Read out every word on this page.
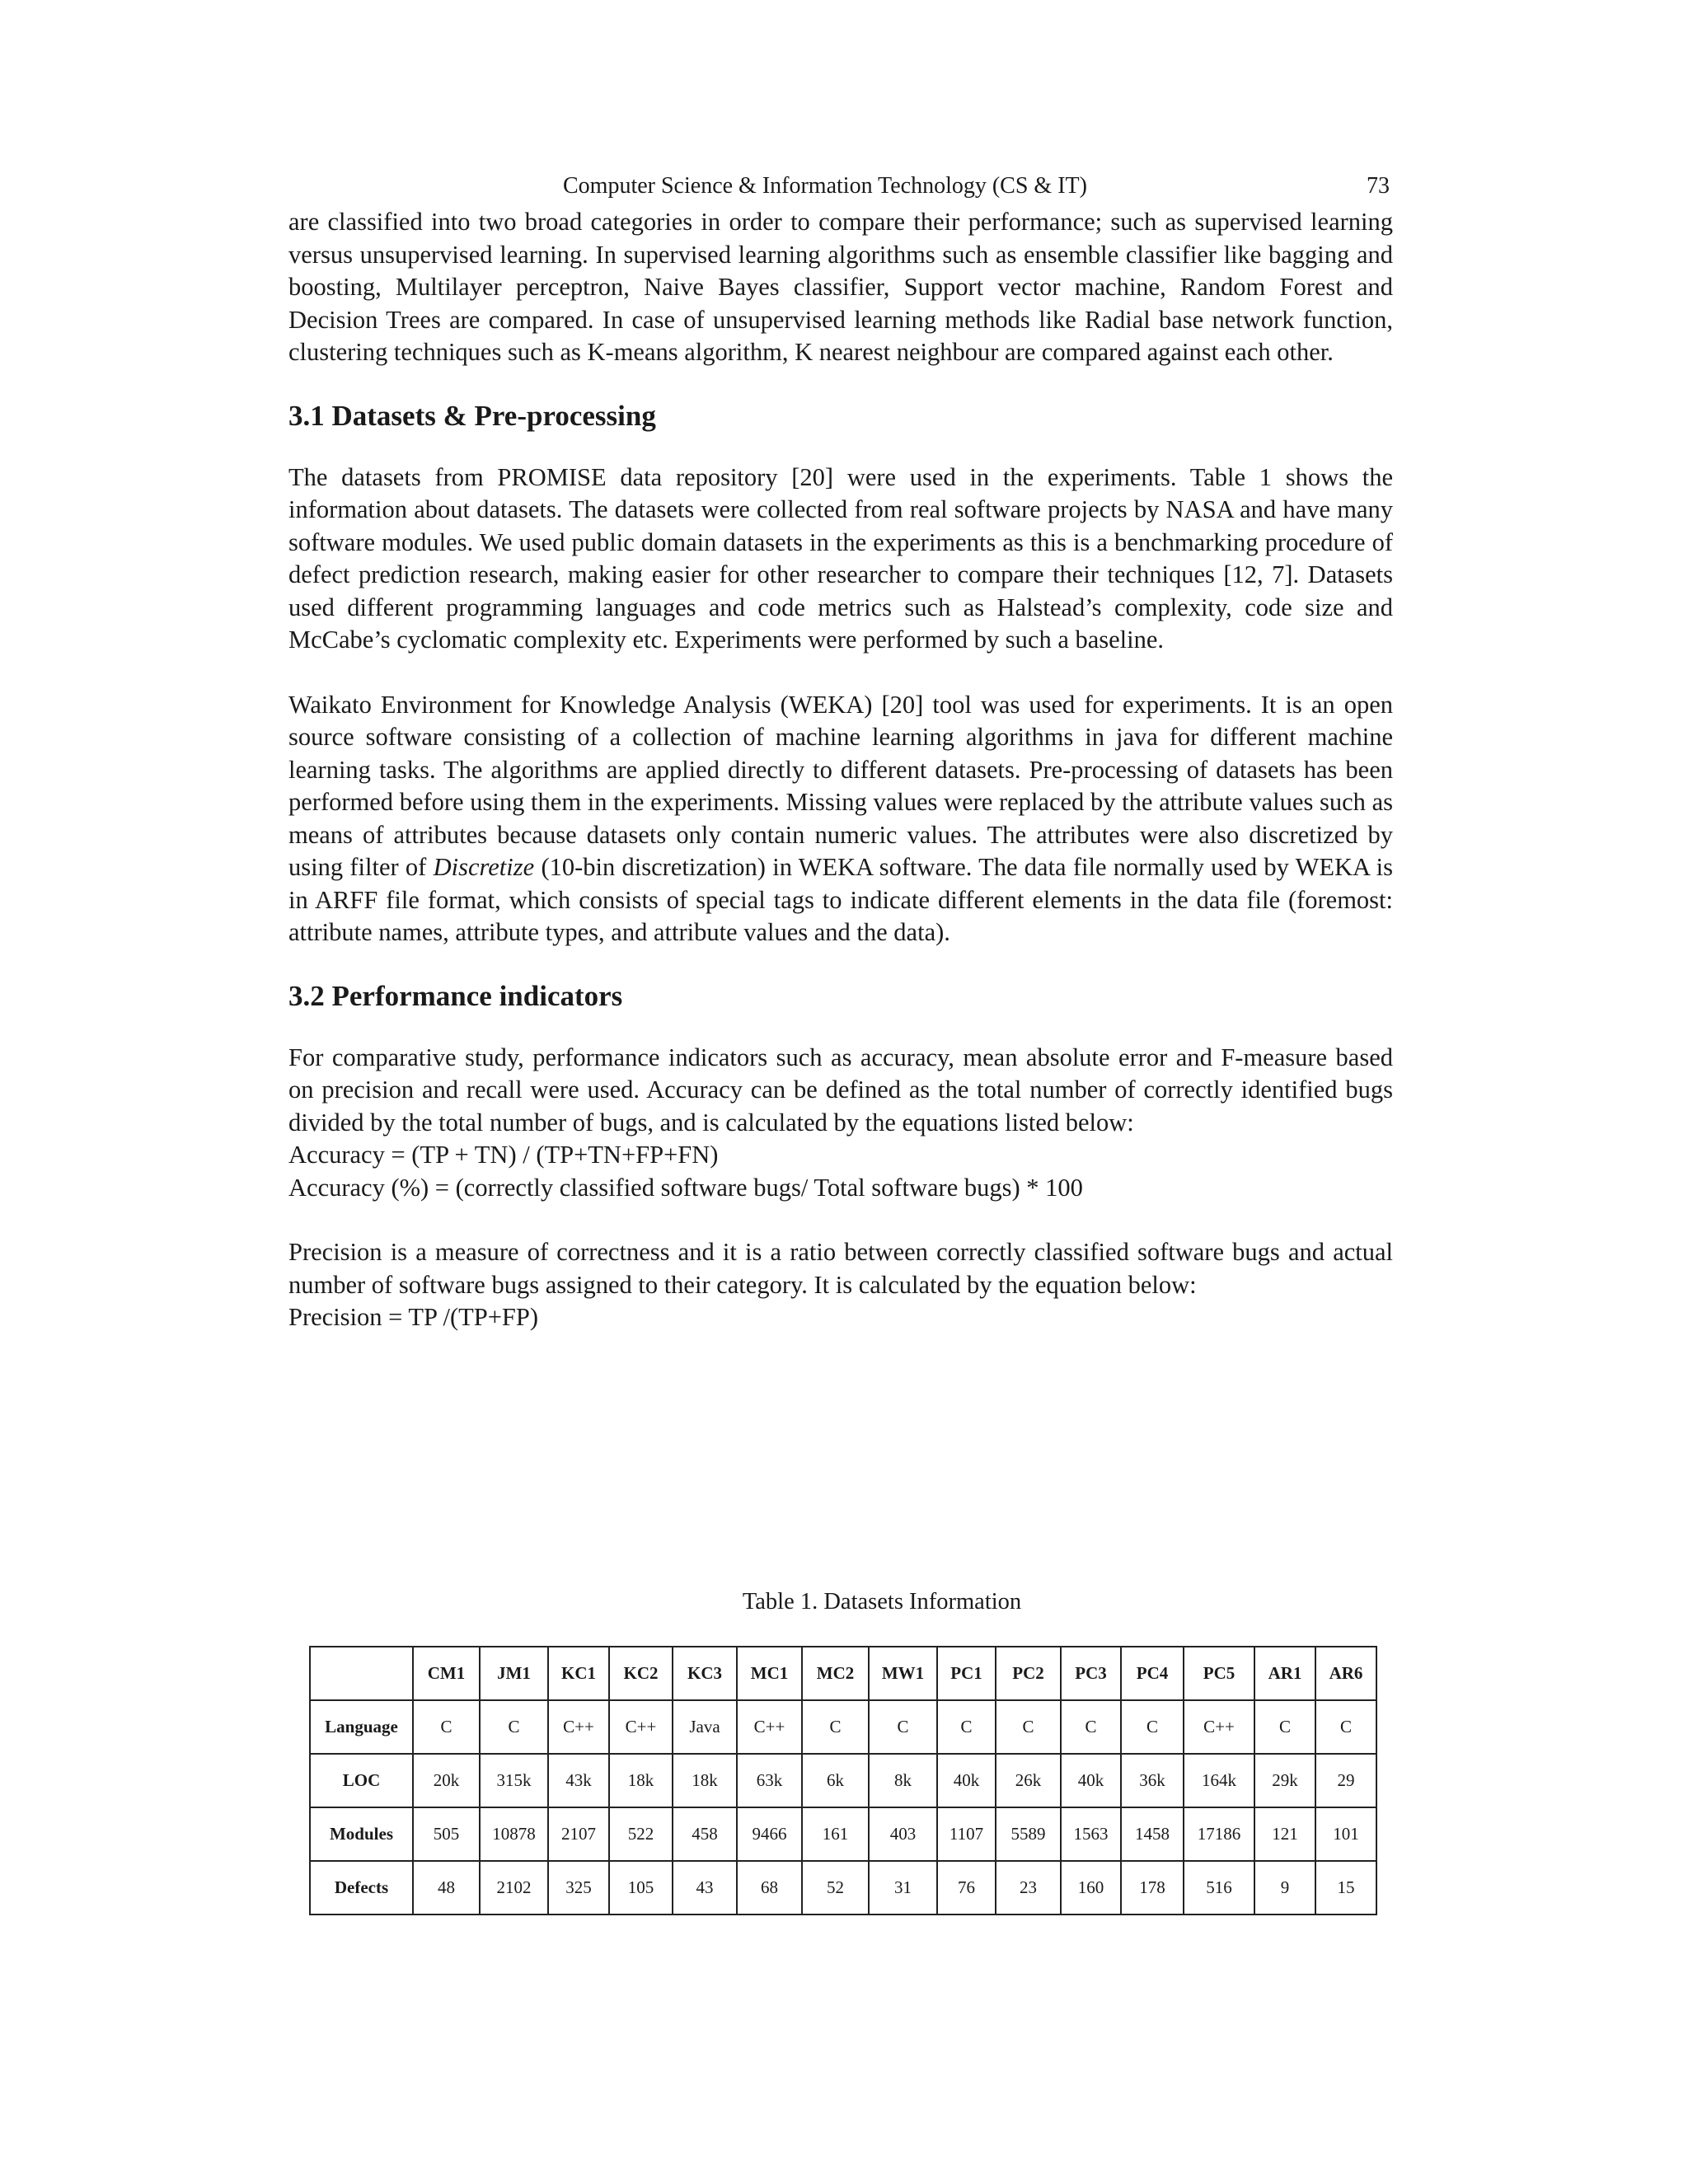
Computer Science & Information Technology (CS & IT)	73

are classified into two broad categories in order to compare their performance; such as supervised learning versus unsupervised learning. In supervised learning algorithms such as ensemble classifier like bagging and boosting, Multilayer perceptron, Naive Bayes classifier, Support vector machine, Random Forest and Decision Trees are compared. In case of unsupervised learning methods like Radial base network function, clustering techniques such as K-means algorithm, K nearest neighbour are compared against each other.

3.1 Datasets & Pre-processing

The datasets from PROMISE data repository [20] were used in the experiments. Table 1 shows the information about datasets. The datasets were collected from real software projects by NASA and have many software modules. We used public domain datasets in the experiments as this is a benchmarking procedure of defect prediction research, making easier for other researcher to compare their techniques [12, 7]. Datasets used different programming languages and code metrics such as Halstead’s complexity, code size and McCabe’s cyclomatic complexity etc. Experiments were performed by such a baseline.

Waikato Environment for Knowledge Analysis (WEKA) [20] tool was used for experiments. It is an open source software consisting of a collection of machine learning algorithms in java for different machine learning tasks. The algorithms are applied directly to different datasets. Pre-processing of datasets has been performed before using them in the experiments. Missing values were replaced by the attribute values such as means of attributes because datasets only contain numeric values. The attributes were also discretized by using filter of Discretize (10-bin discretization) in WEKA software. The data file normally used by WEKA is in ARFF file format, which consists of special tags to indicate different elements in the data file (foremost: attribute names, attribute types, and attribute values and the data).

3.2 Performance indicators

For comparative study, performance indicators such as accuracy, mean absolute error and F-measure based on precision and recall were used. Accuracy can be defined as the total number of correctly identified bugs divided by the total number of bugs, and is calculated by the equations listed below:

Accuracy = (TP + TN) / (TP+TN+FP+FN)

Accuracy (%) = (correctly classified software bugs/ Total software bugs) * 100

Precision is a measure of correctness and it is a ratio between correctly classified software bugs and actual number of software bugs assigned to their category. It is calculated by the equation below:

Precision = TP /(TP+FP)

Table 1. Datasets Information
	CM1	JM1	KC1	KC2	KC3	MC1	MC2	MW1	PC1	PC2	PC3	PC4	PC5	AR1	AR6
Language	C	C	C++	C++	Java	C++	C	C	C	C	C	C	C++	C	C
LOC	20k	315k	43k	18k	18k	63k	6k	8k	40k	26k	40k	36k	164k	29k	29
Modules	505	10878	2107	522	458	9466	161	403	1107	5589	1563	1458	17186	121	101
Defects	48	2102	325	105	43	68	52	31	76	23	160	178	516	9	15
